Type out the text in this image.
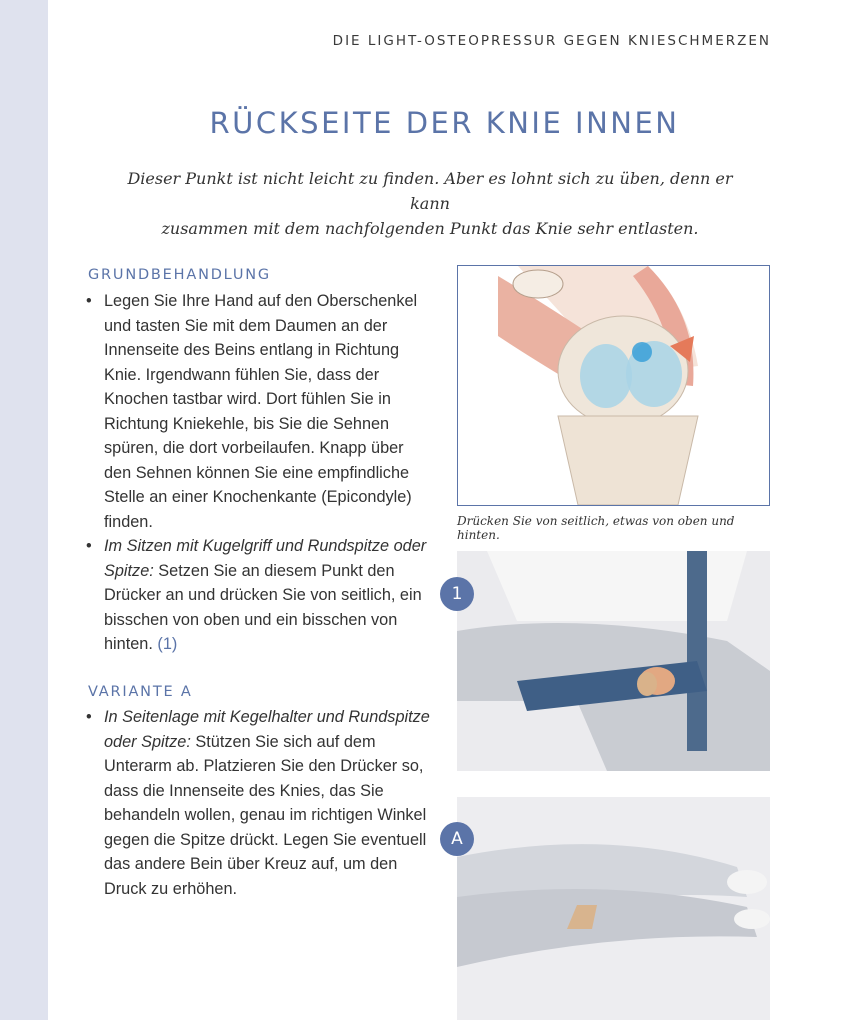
DIE LIGHT-OSTEOPRESSUR GEGEN KNIESCHMERZEN
RÜCKSEITE DER KNIE INNEN

Dieser Punkt ist nicht leicht zu finden. Aber es lohnt sich zu üben, denn er kann
zusammen mit dem nachfolgenden Punkt das Knie sehr entlasten.

GRUNDBEHANDLUNG
• Legen Sie Ihre Hand auf den Oberschenkel und tasten Sie mit dem Daumen an der Innenseite des Beins entlang in Richtung Knie. Irgendwann fühlen Sie, dass der Knochen tastbar wird. Dort fühlen Sie in Richtung Kniekehle, bis Sie die Sehnen spüren, die dort vorbeilaufen. Knapp über den Sehnen können Sie eine empfindliche Stelle an einer Knochenkante (Epicondyle) finden.
• Im Sitzen mit Kugelgriff und Rundspitze oder Spitze: Setzen Sie an diesem Punkt den Drücker an und drücken Sie von seitlich, ein bisschen von oben und ein bisschen von hinten. (1)
VARIANTE A
• In Seitenlage mit Kegelhalter und Rundspitze oder Spitze: Stützen Sie sich auf dem Unterarm ab. Platzieren Sie den Drücker so, dass die Innenseite des Knies, das Sie behandeln wollen, genau im richtigen Winkel gegen die Spitze drückt. Legen Sie eventuell das andere Bein über Kreuz auf, um den Druck zu erhöhen.
Drücken Sie von seitlich, etwas von oben und hinten.
1
A
